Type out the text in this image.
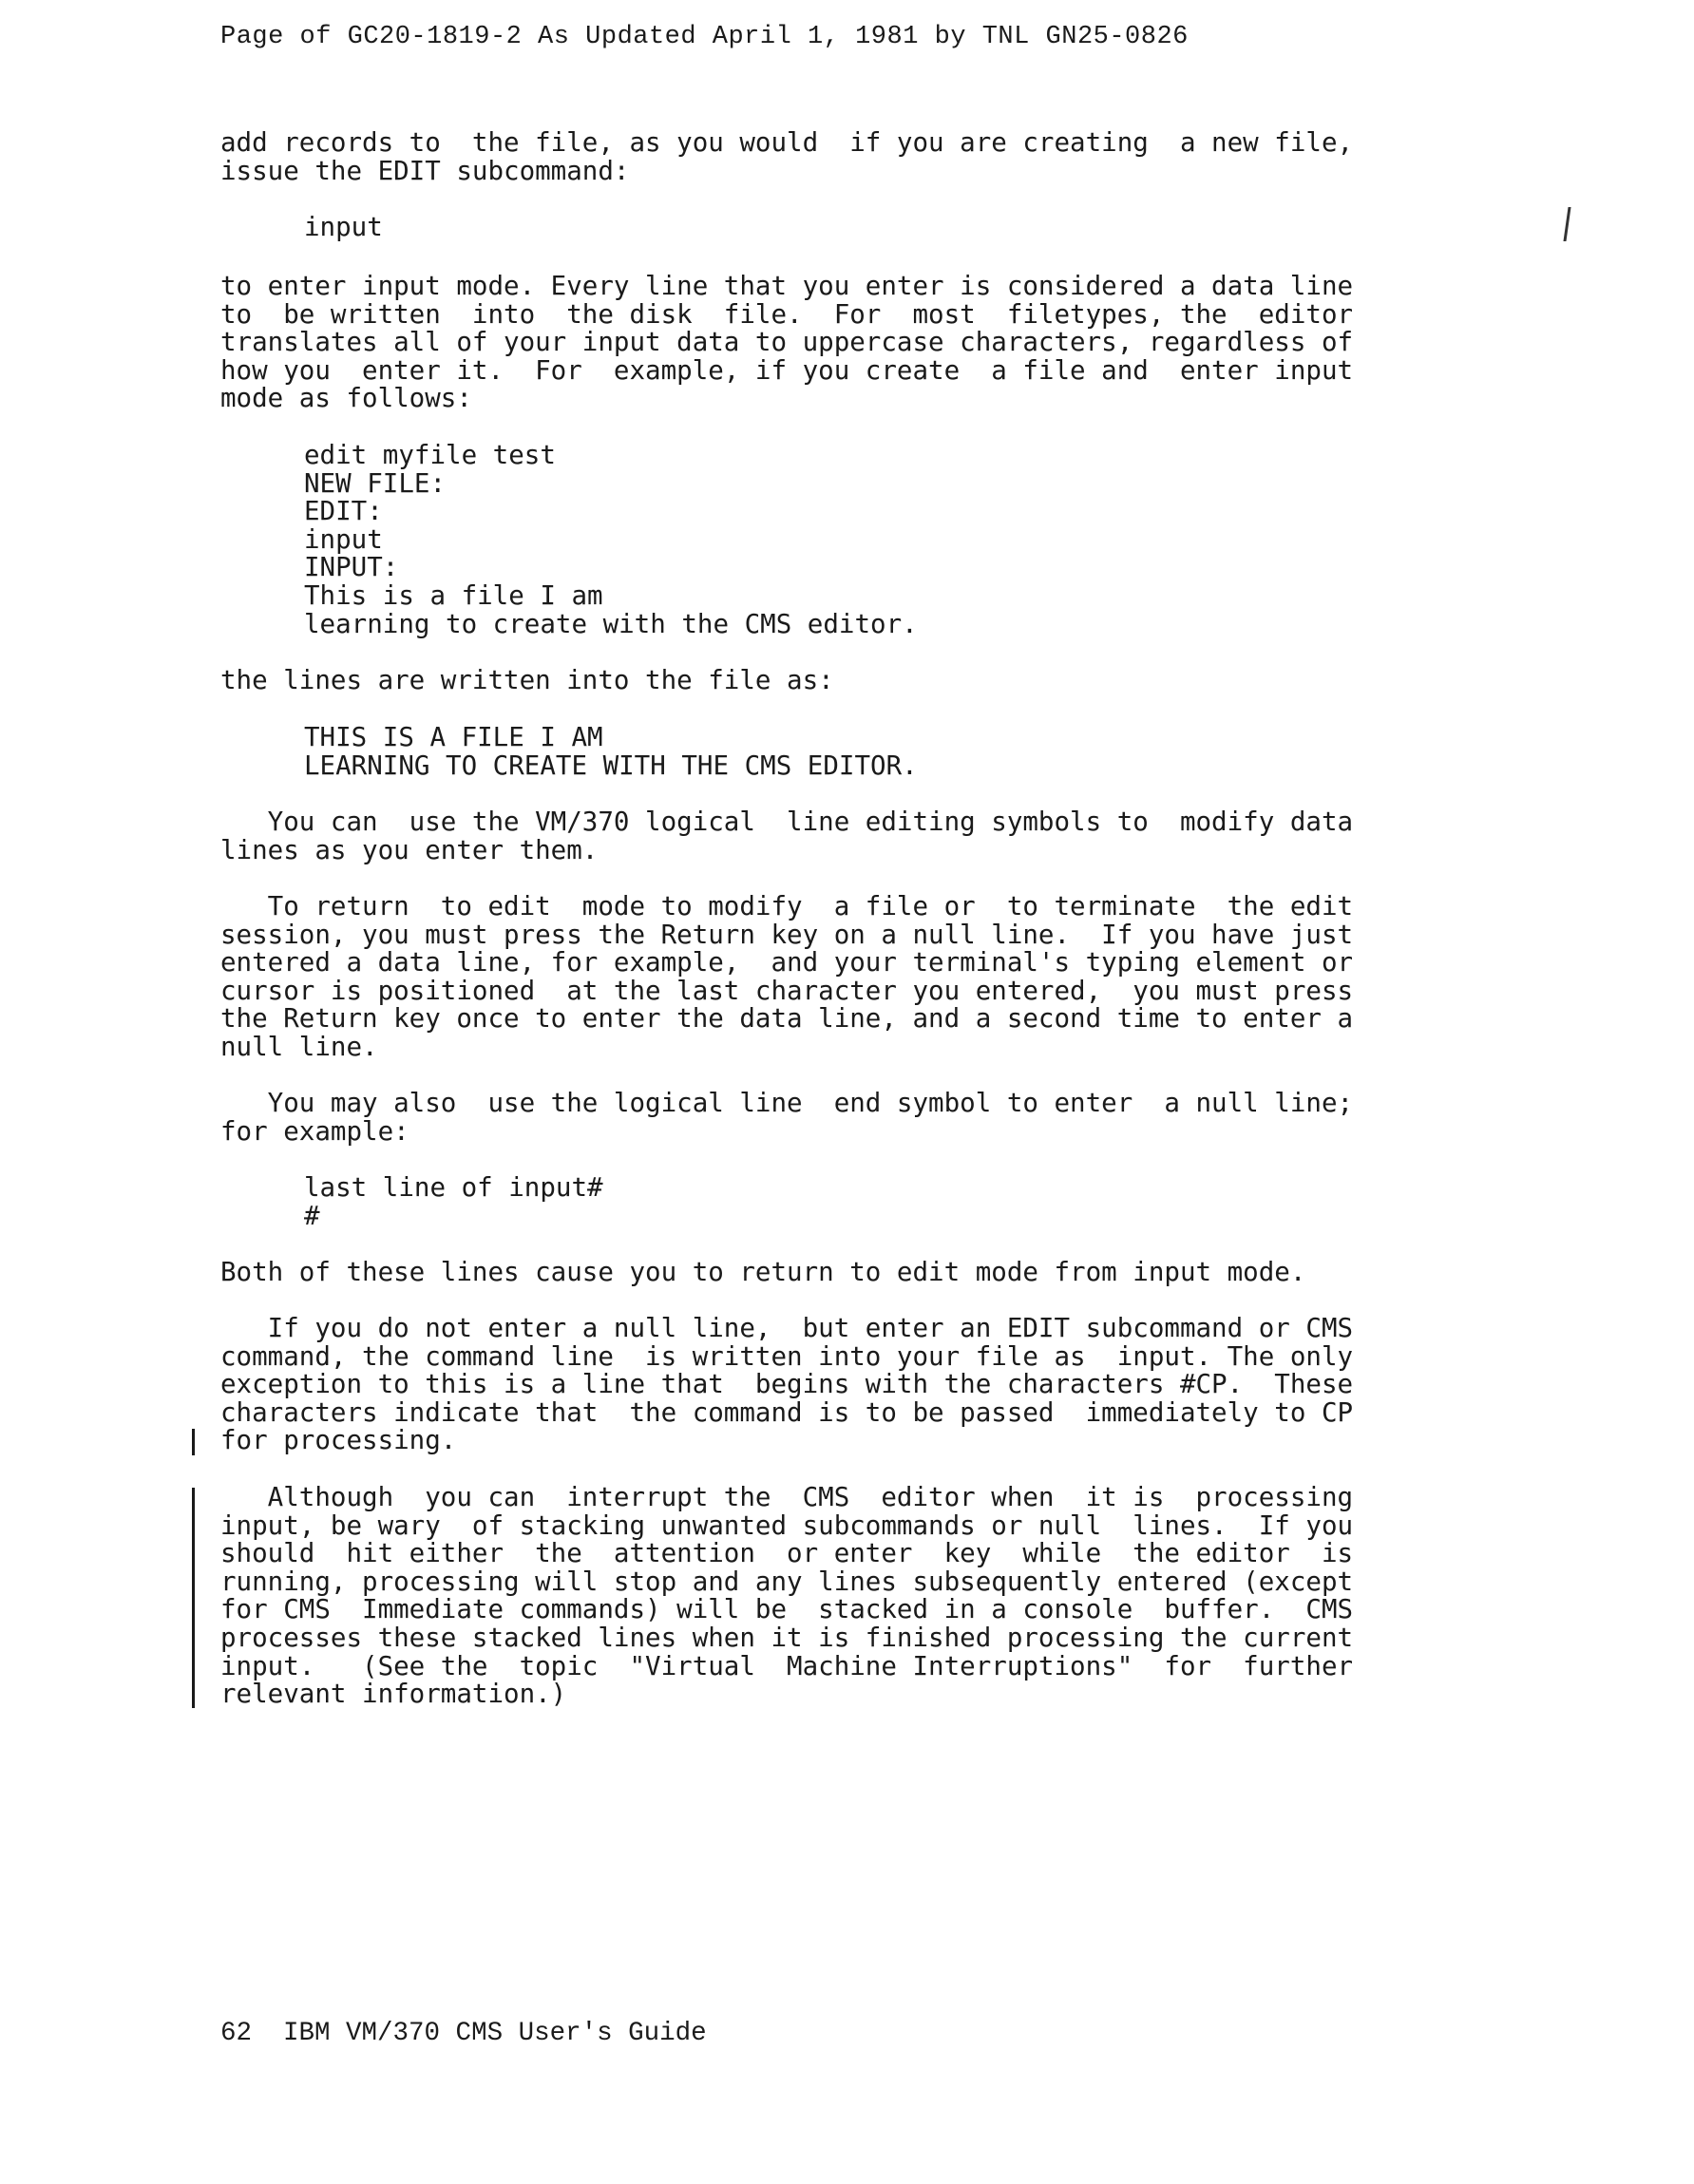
Page of GC20-1819-2 As Updated April 1, 1981 by TNL GN25-0826
add records to  the file, as you would  if you are creating  a new file,
issue the EDIT subcommand:
input
to enter input mode. Every line that you enter is considered a data line
to  be written  into  the disk  file.  For  most  filetypes, the  editor
translates all of your input data to uppercase characters, regardless of
how you  enter it.  For  example, if you create  a file and  enter input
mode as follows:
edit myfile test
NEW FILE:
EDIT:
input
INPUT:
This is a file I am
learning to create with the CMS editor.
the lines are written into the file as:
THIS IS A FILE I AM
LEARNING TO CREATE WITH THE CMS EDITOR.
You can  use the VM/370 logical  line editing symbols to  modify data
lines as you enter them.
To return  to edit  mode to modify  a file or  to terminate  the edit
session, you must press the Return key on a null line.  If you have just
entered a data line, for example,  and your terminal's typing element or
cursor is positioned  at the last character you entered,  you must press
the Return key once to enter the data line, and a second time to enter a
null line.
You may also  use the logical line  end symbol to enter  a null line;
for example:
last line of input#
#
Both of these lines cause you to return to edit mode from input mode.
If you do not enter a null line,  but enter an EDIT subcommand or CMS
command, the command line  is written into your file as  input. The only
exception to this is a line that  begins with the characters #CP.  These
characters indicate that  the command is to be passed  immediately to CP
for processing.
Although  you can  interrupt the  CMS  editor when  it is  processing
input, be wary  of stacking unwanted subcommands or null  lines.  If you
should  hit either  the  attention  or enter  key  while  the editor  is
running, processing will stop and any lines subsequently entered (except
for CMS  Immediate commands) will be  stacked in a console  buffer.  CMS
processes these stacked lines when it is finished processing the current
input.   (See the  topic  "Virtual  Machine Interruptions"  for  further
relevant information.)
62 IBM VM/370 CMS User's Guide
